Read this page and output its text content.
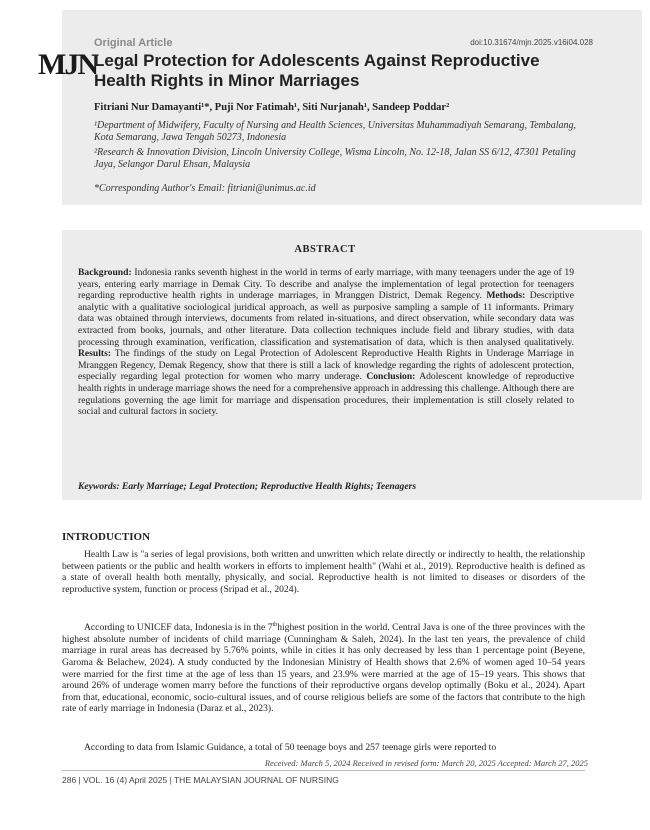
MJN
Original Article	doi:10.31674/mjn.2025.v16i04.028
Legal Protection for Adolescents Against Reproductive Health Rights in Minor Marriages
Fitriani Nur Damayanti¹*, Puji Nor Fatimah¹, Siti Nurjanah¹, Sandeep Poddar²
¹Department of Midwifery, Faculty of Nursing and Health Sciences, Universitas Muhammadiyah Semarang, Tembalang, Kota Semarang, Jawa Tengah 50273, Indonesia
²Research & Innovation Division, Lincoln University College, Wisma Lincoln, No. 12-18, Jalan SS 6/12, 47301 Petaling Jaya, Selangor Darul Ehsan, Malaysia
*Corresponding Author's Email: fitriani@unimus.ac.id
ABSTRACT
Background: Indonesia ranks seventh highest in the world in terms of early marriage, with many teenagers under the age of 19 years, entering early marriage in Demak City. To describe and analyse the implementation of legal protection for teenagers regarding reproductive health rights in underage marriages, in Mranggen District, Demak Regency. Methods: Descriptive analytic with a qualitative sociological juridical approach, as well as purposive sampling a sample of 11 informants. Primary data was obtained through interviews, documents from related in-situations, and direct observation, while secondary data was extracted from books, journals, and other literature. Data collection techniques include field and library studies, with data processing through examination, verification, classification and systematisation of data, which is then analysed qualitatively. Results: The findings of the study on Legal Protection of Adolescent Reproductive Health Rights in Underage Marriage in Mranggen Regency, Demak Regency, show that there is still a lack of knowledge regarding the rights of adolescent protection, especially regarding legal protection for women who marry underage. Conclusion: Adolescent knowledge of reproductive health rights in underage marriage shows the need for a comprehensive approach in addressing this challenge. Although there are regulations governing the age limit for marriage and dispensation procedures, their implementation is still closely related to social and cultural factors in society.
Keywords: Early Marriage; Legal Protection; Reproductive Health Rights; Teenagers
INTRODUCTION
Health Law is "a series of legal provisions, both written and unwritten which relate directly or indirectly to health, the relationship between patients or the public and health workers in efforts to implement health" (Wahi et al., 2019). Reproductive health is defined as a state of overall health both mentally, physically, and social. Reproductive health is not limited to diseases or disorders of the reproductive system, function or process (Sripad et al., 2024).
According to UNICEF data, Indonesia is in the 7thhighest position in the world. Central Java is one of the three provinces with the highest absolute number of incidents of child marriage (Cunningham & Saleh, 2024). In the last ten years, the prevalence of child marriage in rural areas has decreased by 5.76% points, while in cities it has only decreased by less than 1 percentage point (Beyene, Garoma & Belachew, 2024). A study conducted by the Indonesian Ministry of Health shows that 2.6% of women aged 10–54 years were married for the first time at the age of less than 15 years, and 23.9% were married at the age of 15–19 years. This shows that around 26% of underage women marry before the functions of their reproductive organs develop optimally (Boku et al., 2024). Apart from that, educational, economic, socio-cultural issues, and of course religious beliefs are some of the factors that contribute to the high rate of early marriage in Indonesia (Daraz et al., 2023).
According to data from Islamic Guidance, a total of 50 teenage boys and 257 teenage girls were reported to
Received: March 5, 2024 Received in revised form: March 20, 2025 Accepted: March 27, 2025
286 | VOL. 16 (4) April 2025 | THE MALAYSIAN JOURNAL OF NURSING
